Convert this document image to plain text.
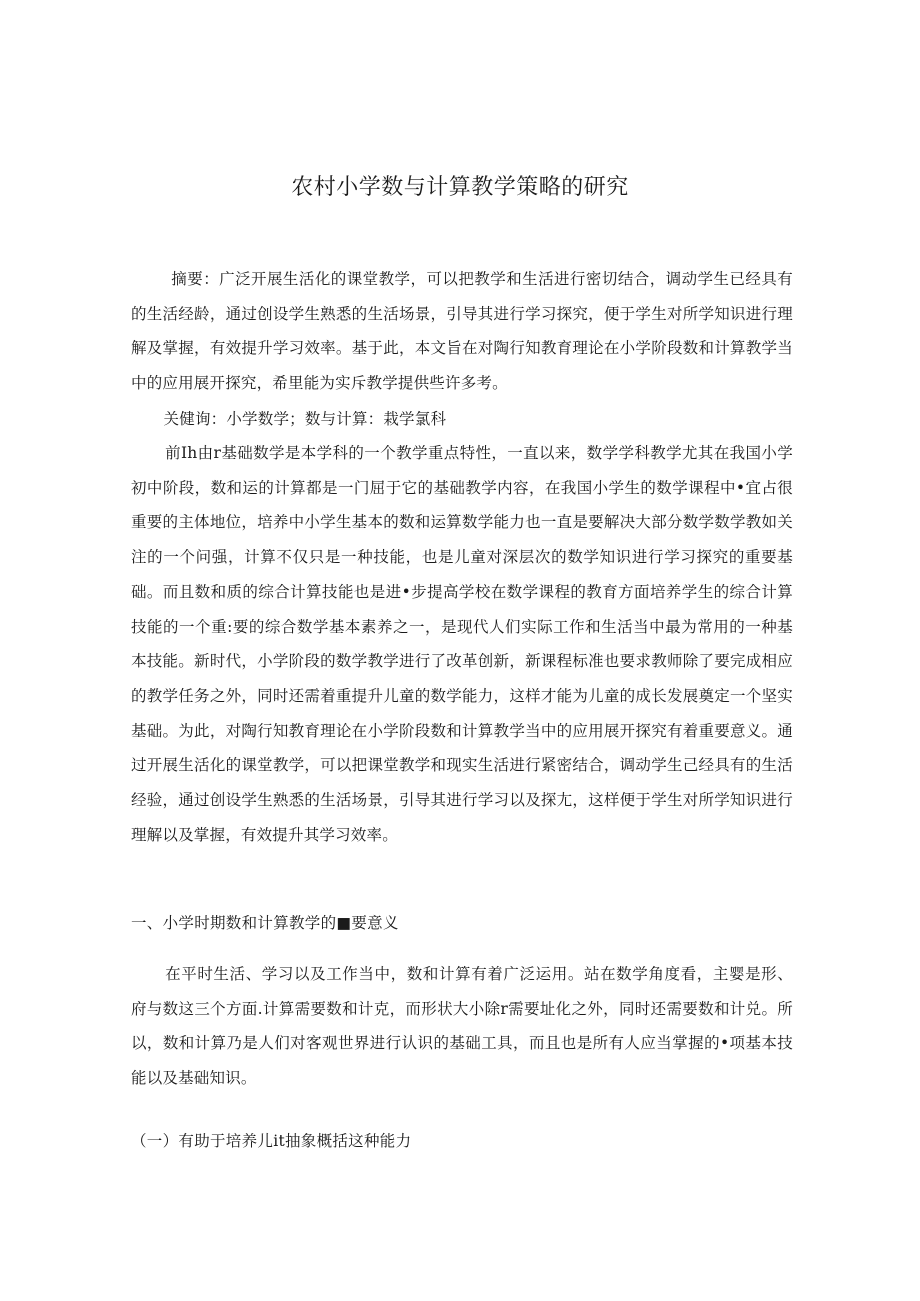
农村小学数与计算教学策略的研究

摘要：广泛开展生活化的课堂教学，可以把教学和生活进行密切结合，调动学生已经具有的生活经龄，通过创设学生熟悉的生活场景，引导其进行学习探究，便于学生对所学知识进行理解及掌握，有效提升学习效率。基于此，本文旨在对陶行知教育理论在小学阶段数和计算教学当中的应用展开探究，希里能为实斥教学提供些许多考。

关健询：小学数学；数与计算：栽学氯科

前Ih由r基础数学是本学科的一个教学重点特性，一直以来，数学学科教学尤其在我国小学初中阶段，数和运的计算都是一门屈于它的基础教学内容，在我国小学生的数学课程中•宜占很重要的主体地位，培养中小学生基本的数和运算数学能力也一直是要解决大部分数学数学教如关注的一个问强，计算不仅只是一种技能，也是儿童对深层次的数学知识进行学习探究的重要基础。而且数和质的综合计算技能也是进•步提高学校在数学课程的教育方面培养学生的综合计算技能的一个重:要的综合数学基本素养之一，是现代人们实际工作和生活当中最为常用的一种基本技能。新时代，小学阶段的数学教学进行了改革创新，新课程标准也要求教师除了要完成相应的教学任务之外，同时还需着重提升儿童的数学能力，这样才能为儿童的成长发展奠定一个坚实基础。为此，对陶行知教育理论在小学阶段数和计算教学当中的应用展开探究有着重要意义。通过开展生活化的课堂教学，可以把课堂教学和现实生活进行紧密结合，调动学生己经具有的生活经验，通过创设学生熟悉的生活场景，引导其进行学习以及探尢，这样便于学生对所学知识进行理解以及掌握，有效提升其学习效率。

一、小学时期数和计算教学的■要意义

在平时生活、学习以及工作当中，数和计算有着广泛运用。站在数学角度看，主婴是形、府与数这三个方面.计算需要数和计克，而形状大小除r需要址化之外，同时还需要数和计兑。所以，数和计算乃是人们对客观世界进行认识的基础工具，而且也是所有人应当掌握的•项基本技能以及基础知识。

（一）有助于培养儿it抽象概括这种能力
